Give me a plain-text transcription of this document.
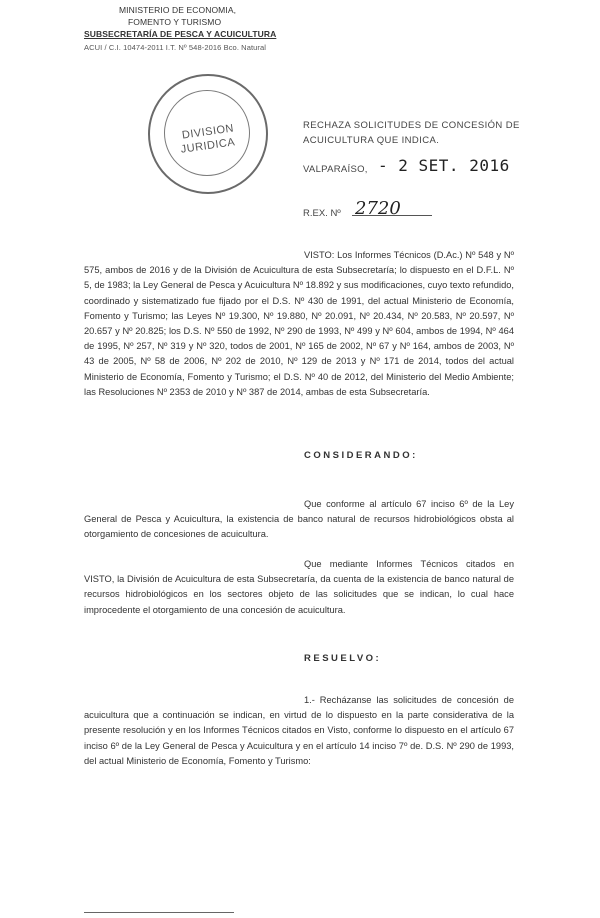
MINISTERIO DE ECONOMIA,
FOMENTO Y TURISMO
SUBSECRETARÍA DE PESCA Y ACUICULTURA
ACUI / C.I. 10474-2011 I.T. Nº 548-2016 Bco. Natural
DIVISION
JURIDICA
RECHAZA SOLICITUDES DE CONCESIÓN DE ACUICULTURA QUE INDICA.
VALPARAÍSO, - 2 SET. 2016
R.EX. Nº 2720
VISTO: Los Informes Técnicos (D.Ac.) Nº 548 y Nº 575, ambos de 2016 y de la División de Acuicultura de esta Subsecretaría; lo dispuesto en el D.F.L. Nº 5, de 1983; la Ley General de Pesca y Acuicultura Nº 18.892 y sus modificaciones, cuyo texto refundido, coordinado y sistematizado fue fijado por el D.S. Nº 430 de 1991, del actual Ministerio de Economía, Fomento y Turismo; las Leyes Nº 19.300, Nº 19.880, Nº 20.091, Nº 20.434, Nº 20.583, Nº 20.597, Nº 20.657 y Nº 20.825; los D.S. Nº 550 de 1992, Nº 290 de 1993, Nº 499 y Nº 604, ambos de 1994, Nº 464 de 1995, Nº 257, Nº 319 y Nº 320, todos de 2001, Nº 165 de 2002, Nº 67 y Nº 164, ambos de 2003, Nº 43 de 2005, Nº 58 de 2006, Nº 202 de 2010, Nº 129 de 2013 y Nº 171 de 2014, todos del actual Ministerio de Economía, Fomento y Turismo; el D.S. Nº 40 de 2012, del Ministerio del Medio Ambiente; las Resoluciones Nº 2353 de 2010 y Nº 387 de 2014, ambas de esta Subsecretaría.
CONSIDERANDO:
Que conforme al artículo 67 inciso 6º de la Ley General de Pesca y Acuicultura, la existencia de banco natural de recursos hidrobiológicos obsta al otorgamiento de concesiones de acuicultura.
Que mediante Informes Técnicos citados en VISTO, la División de Acuicultura de esta Subsecretaría, da cuenta de la existencia de banco natural de recursos hidrobiológicos en los sectores objeto de las solicitudes que se indican, lo cual hace improcedente el otorgamiento de una concesión de acuicultura.
RESUELVO:
1.- Recházanse las solicitudes de concesión de acuicultura que a continuación se indican, en virtud de lo dispuesto en la parte considerativa de la presente resolución y en los Informes Técnicos citados en Visto, conforme lo dispuesto en el artículo 67 inciso 6º de la Ley General de Pesca y Acuicultura y en el artículo 14 inciso 7º de. D.S. Nº 290 de 1993, del actual Ministerio de Economía, Fomento y Turismo:
